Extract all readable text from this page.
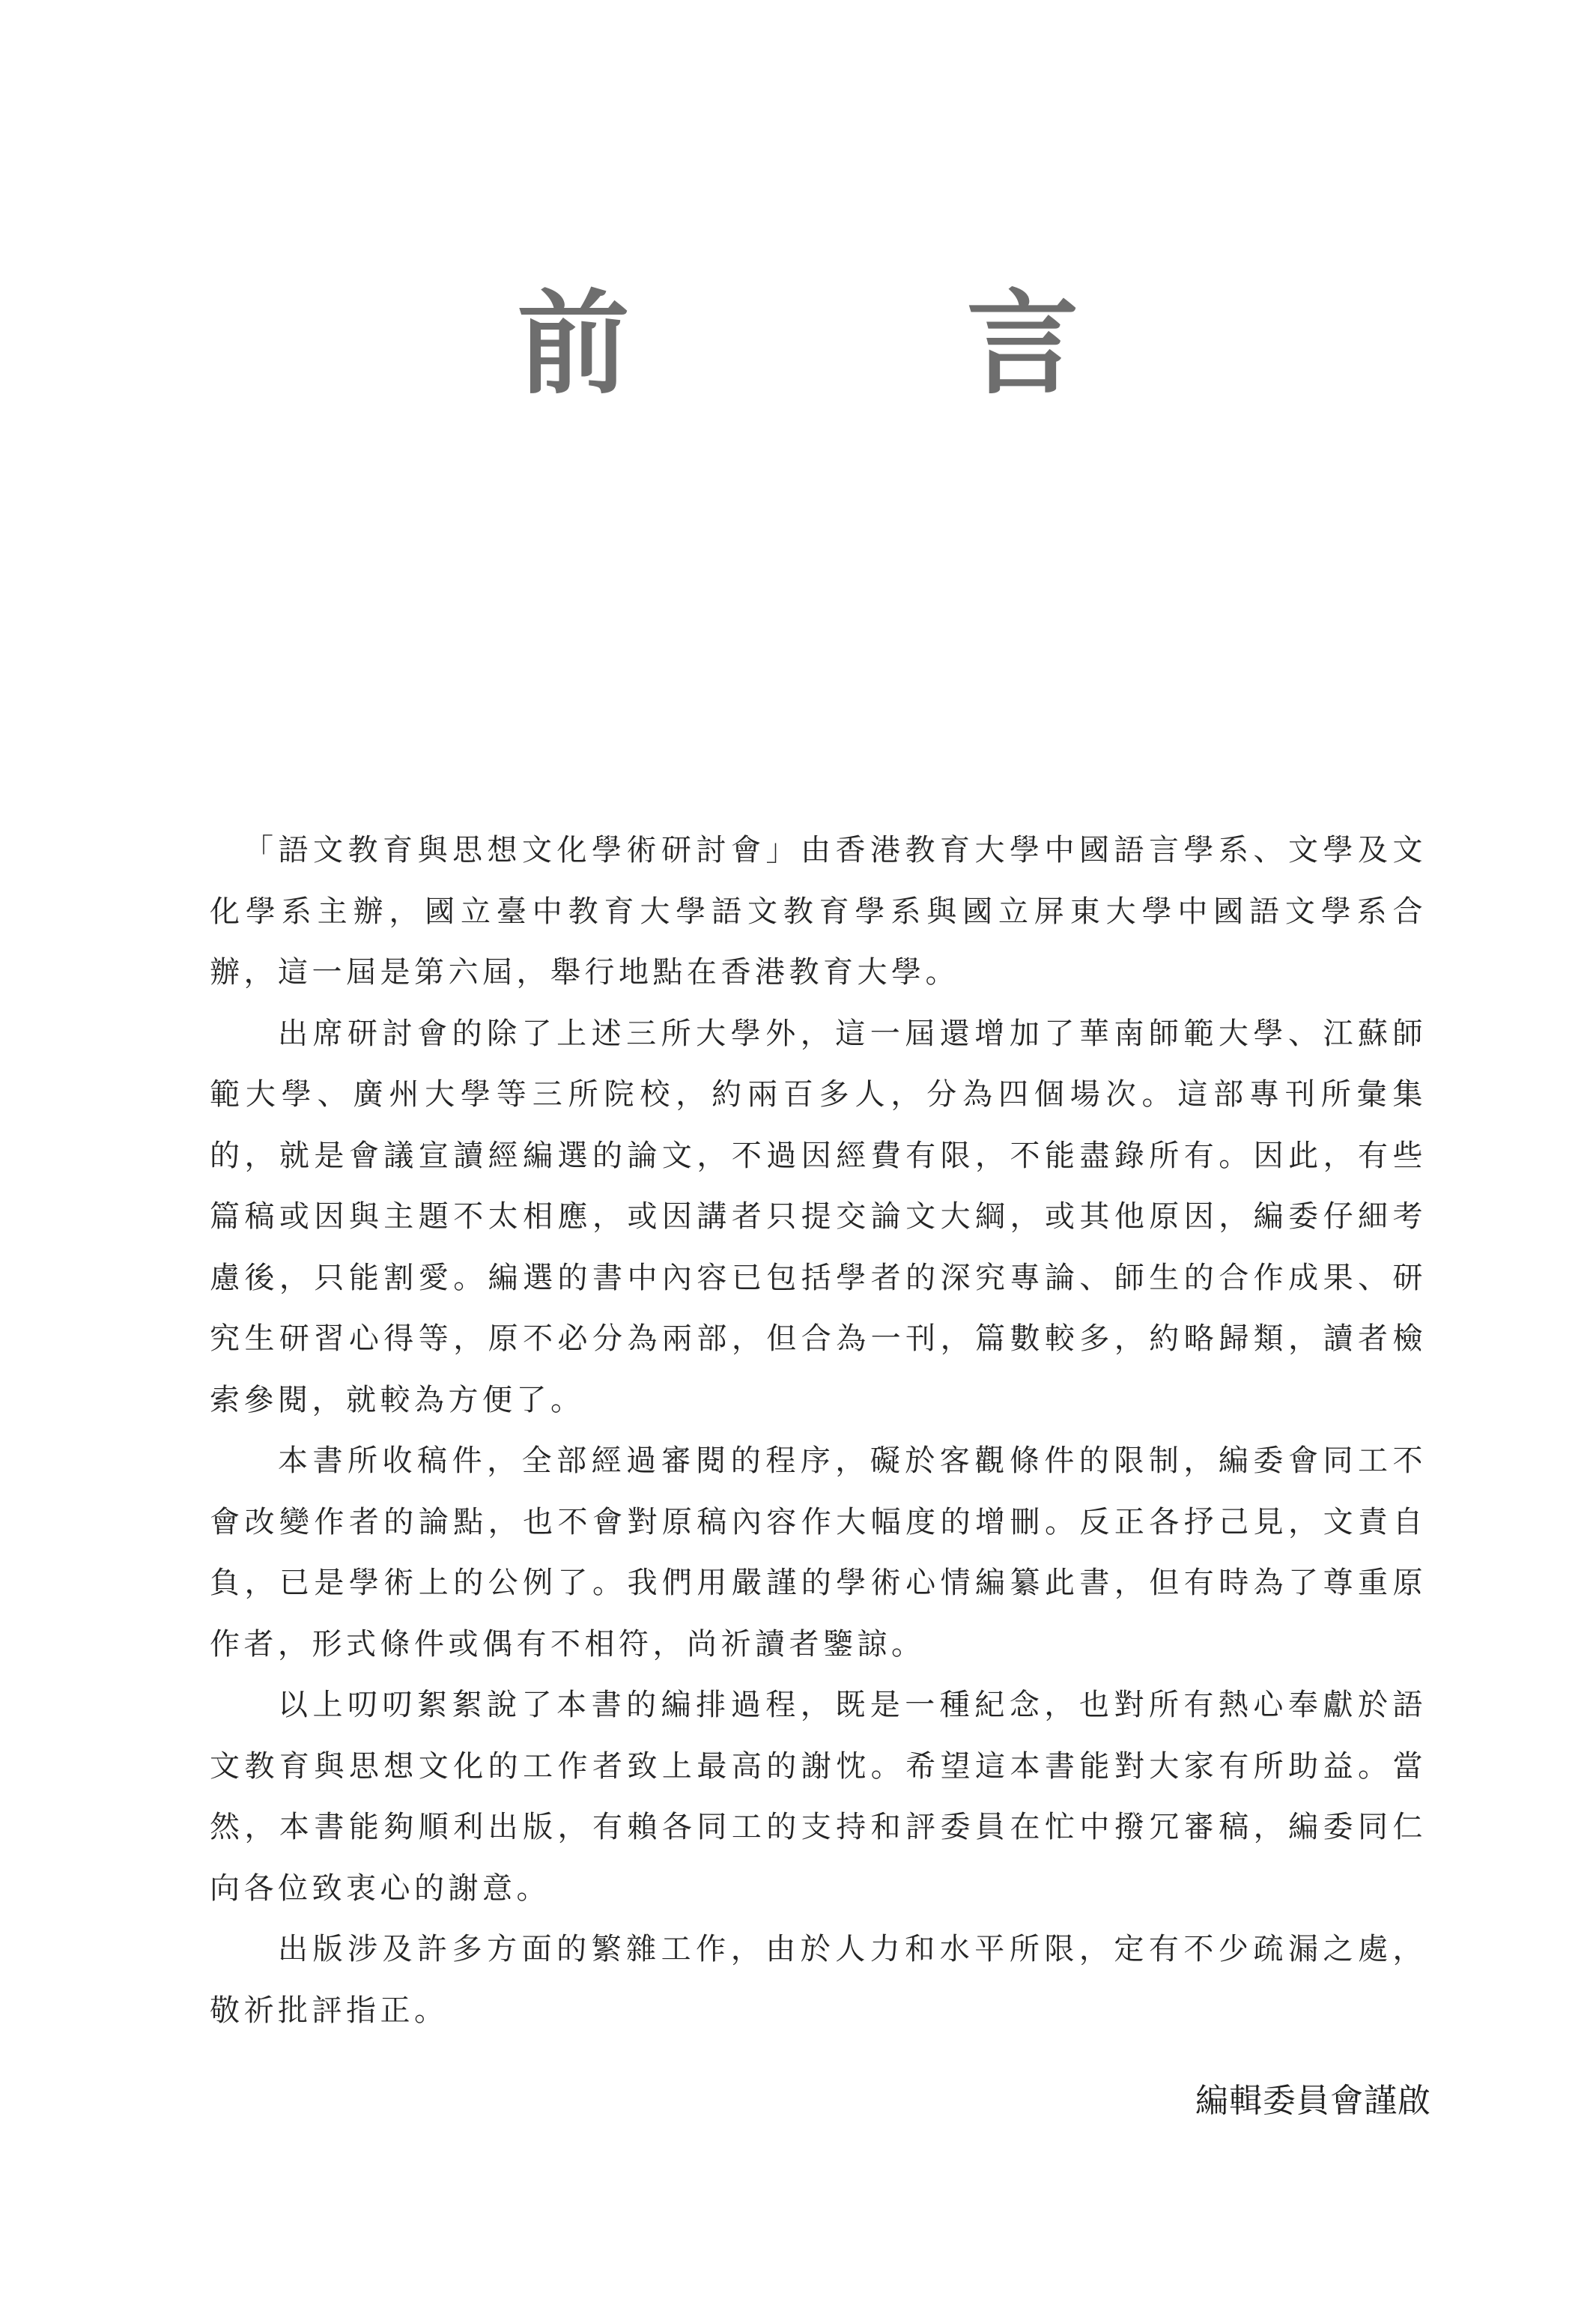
前　言

「語文教育與思想文化學術研討會」由香港教育大學中國語言學系、文學及文化學系主辦，國立臺中教育大學語文教育學系與國立屏東大學中國語文學系合辦，這一屆是第六屆，舉行地點在香港教育大學。

出席研討會的除了上述三所大學外，這一屆還增加了華南師範大學、江蘇師範大學、廣州大學等三所院校，約兩百多人，分為四個場次。這部專刊所彙集的，就是會議宣讀經編選的論文，不過因經費有限，不能盡錄所有。因此，有些篇稿或因與主題不太相應，或因講者只提交論文大綱，或其他原因，編委仔細考慮後，只能割愛。編選的書中內容已包括學者的深究專論、師生的合作成果、研究生研習心得等，原不必分為兩部，但合為一刊，篇數較多，約略歸類，讀者檢索參閱，就較為方便了。

本書所收稿件，全部經過審閱的程序，礙於客觀條件的限制，編委會同工不會改變作者的論點，也不會對原稿內容作大幅度的增刪。反正各抒己見，文責自負，已是學術上的公例了。我們用嚴謹的學術心情編纂此書，但有時為了尊重原作者，形式條件或偶有不相符，尚祈讀者鑒諒。

以上叨叨絮絮說了本書的編排過程，既是一種紀念，也對所有熱心奉獻於語文教育與思想文化的工作者致上最高的謝忱。希望這本書能對大家有所助益。當然，本書能夠順利出版，有賴各同工的支持和評委員在忙中撥冗審稿，編委同仁向各位致衷心的謝意。

出版涉及許多方面的繁雜工作，由於人力和水平所限，定有不少疏漏之處，敬祈批評指正。

編輯委員會謹啟
